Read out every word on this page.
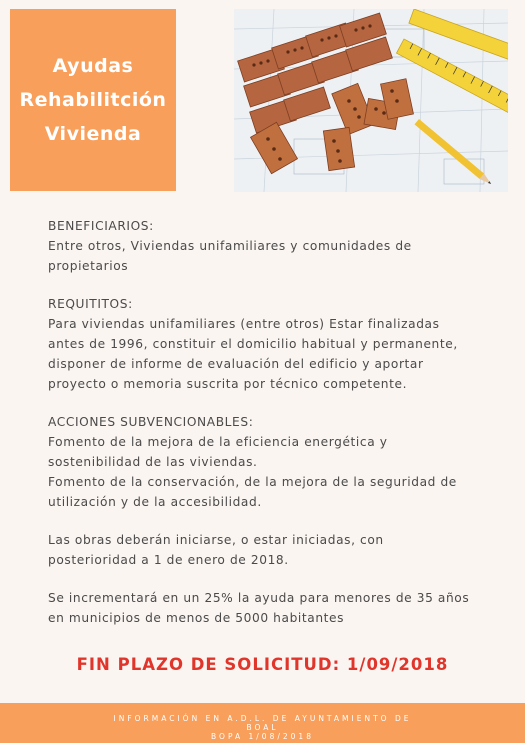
Ayudas
Rehabilitción
Vivienda

BENEFICIARIOS:

Entre otros, Viviendas unifamiliares y comunidades de

propietarios

REQUITITOS:

Para viviendas unifamiliares (entre otros) Estar finalizadas

antes de 1996, constituir el domicilio habitual y permanente,

disponer de informe de evaluación del edificio y aportar

proyecto o memoria suscrita por técnico competente.

ACCIONES SUBVENCIONABLES:

Fomento de la mejora de la eficiencia energética y

sostenibilidad de las viviendas.

Fomento de la conservación, de la mejora de la seguridad de

utilización y de la accesibilidad.

Las obras deberán iniciarse, o estar iniciadas, con

posterioridad a 1 de enero de 2018.

Se incrementará en un 25% la ayuda para menores de 35 años

en municipios de menos de 5000 habitantes

FIN PLAZO DE SOLICITUD: 1/09/2018
INFORMACIÓN EN A.D.L. DE AYUNTAMIENTO DE
BOAL
BOPA 1/08/2018
